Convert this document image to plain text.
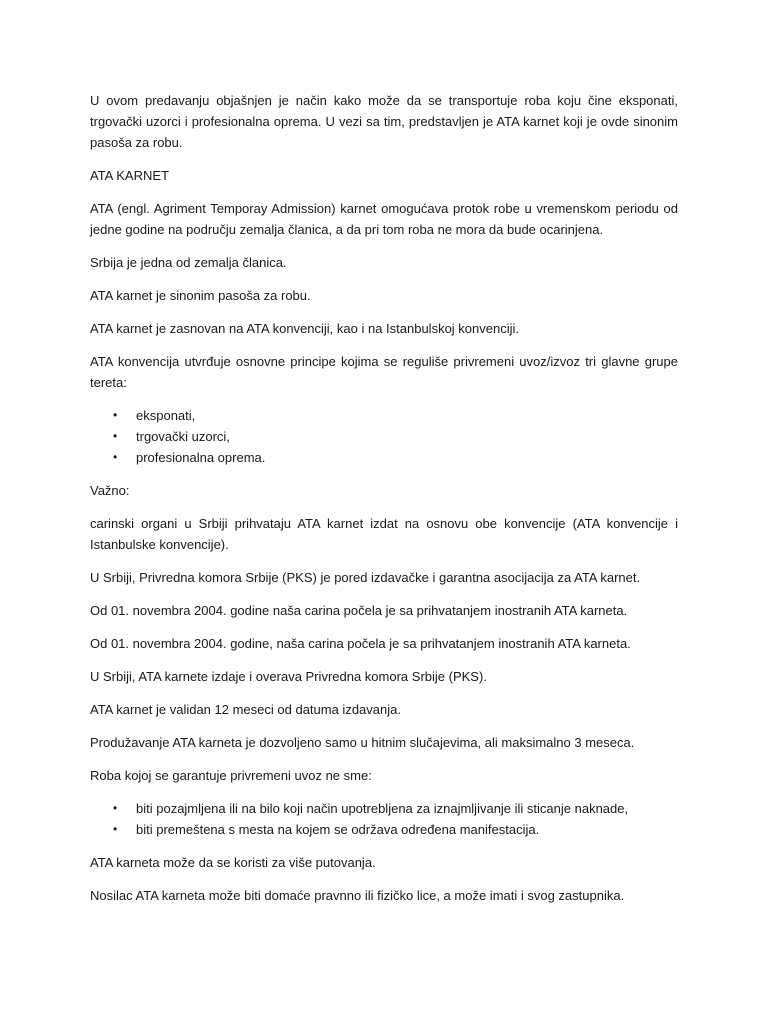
U ovom predavanju objašnjen je način kako može da se transportuje roba koju čine eksponati, trgovački uzorci i profesionalna oprema. U vezi sa tim, predstavljen je ATA karnet koji je ovde sinonim pasoša za robu.

ATA KARNET

ATA (engl. Agriment Temporay Admission) karnet omogućava protok robe u vremenskom periodu od jedne godine na području zemalja članica, a da pri tom roba ne mora da bude ocarinjena.

Srbija je jedna od zemalja članica.

ATA karnet je sinonim pasoša za robu.

ATA karnet je zasnovan na ATA konvenciji, kao i na Istanbulskoj konvenciji.

ATA konvencija utvrđuje osnovne principe kojima se reguliše privremeni uvoz/izvoz tri glavne grupe tereta:

• eksponati,
• trgovački uzorci,
• profesionalna oprema.

Važno:

carinski organi u Srbiji prihvataju ATA karnet izdat na osnovu obe konvencije (ATA konvencije i Istanbulske konvencije).

U Srbiji, Privredna komora Srbije (PKS) je pored izdavačke i garantna asocijacija za ATA karnet.

Od 01. novembra 2004. godine naša carina počela je sa prihvatanjem inostranih ATA karneta.

Od 01. novembra 2004. godine, naša carina počela je sa prihvatanjem inostranih ATA karneta.

U Srbiji, ATA karnete izdaje i overava Privredna komora Srbije (PKS).

ATA karnet je validan 12 meseci od datuma izdavanja.

Produžavanje ATA karneta je dozvoljeno samo u hitnim slučajevima, ali maksimalno 3 meseca.

Roba kojoj se garantuje privremeni uvoz ne sme:

• biti pozajmljena ili na bilo koji način upotrebljena za iznajmljivanje ili sticanje naknade,
• biti premeštena s mesta na kojem se održava određena manifestacija.

ATA karneta može da se koristi za više putovanja.

Nosilac ATA karneta može biti domaće pravnno ili fizičko lice, a može imati i svog zastupnika.
